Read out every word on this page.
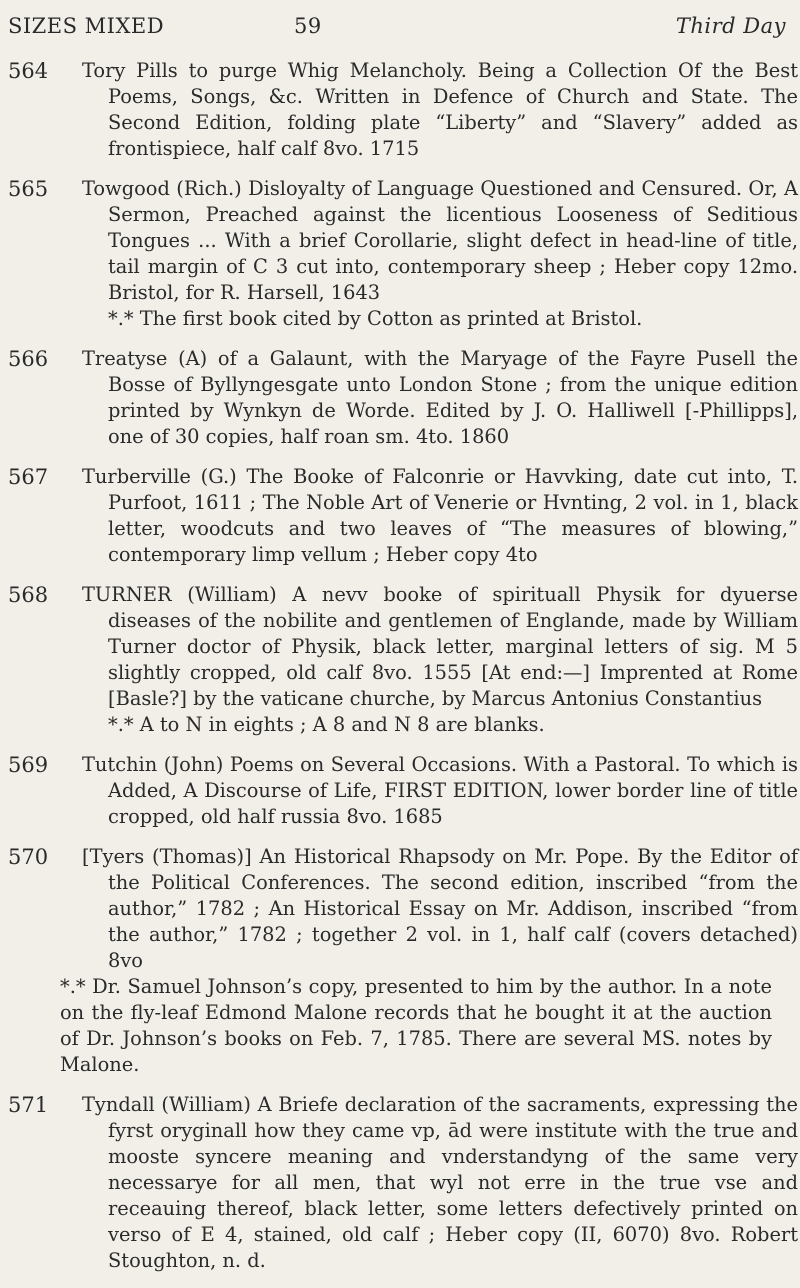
SIZES MIXED	59	Third Day
564	Tory Pills to purge Whig Melancholy. Being a Collection Of the Best Poems, Songs, &c. Written in Defence of Church and State. The Second Edition, folding plate “Liberty” and “Slavery” added as frontispiece, half calf 8vo. 1715
565	Towgood (Rich.) Disloyalty of Language Questioned and Censured. Or, A Sermon, Preached against the licentious Looseness of Seditious Tongues ... With a brief Corollarie, slight defect in head-line of title, tail margin of C 3 cut into, contemporary sheep ; Heber copy 12mo. Bristol, for R. Harsell, 1643
*.* The first book cited by Cotton as printed at Bristol.
566	Treatyse (A) of a Galaunt, with the Maryage of the Fayre Pusell the Bosse of Byllyngesgate unto London Stone ; from the unique edition printed by Wynkyn de Worde. Edited by J. O. Halliwell [-Phillipps], one of 30 copies, half roan sm. 4to. 1860
567	Turberville (G.) The Booke of Falconrie or Havvking, date cut into, T. Purfoot, 1611 ; The Noble Art of Venerie or Hvnting, 2 vol. in 1, black letter, woodcuts and two leaves of “The measures of blowing,” contemporary limp vellum ; Heber copy 4to
568	TURNER (William) A nevv booke of spirituall Physik for dyuerse diseases of the nobilite and gentlemen of Englande, made by William Turner doctor of Physik, black letter, marginal letters of sig. M 5 slightly cropped, old calf 8vo. 1555 [At end:—] Imprented at Rome [Basle?] by the vaticane churche, by Marcus Antonius Constantius
*.* A to N in eights ; A 8 and N 8 are blanks.
569	Tutchin (John) Poems on Several Occasions. With a Pastoral. To which is Added, A Discourse of Life, FIRST EDITION, lower border line of title cropped, old half russia 8vo. 1685
570	[Tyers (Thomas)] An Historical Rhapsody on Mr. Pope. By the Editor of the Political Conferences. The second edition, inscribed “from the author,” 1782 ; An Historical Essay on Mr. Addison, inscribed “from the author,” 1782 ; together 2 vol. in 1, half calf (covers detached) 8vo
*.* Dr. Samuel Johnson’s copy, presented to him by the author. In a note on the fly-leaf Edmond Malone records that he bought it at the auction of Dr. Johnson’s books on Feb. 7, 1785. There are several MS. notes by Malone.
571	Tyndall (William) A Briefe declaration of the sacraments, expressing the fyrst oryginall how they came vp, ād were institute with the true and mooste syncere meaning and vnderstandyng of the same very necessarye for all men, that wyl not erre in the true vse and receauing thereof, black letter, some letters defectively printed on verso of E 4, stained, old calf ; Heber copy (II, 6070) 8vo. Robert Stoughton, n. d.
